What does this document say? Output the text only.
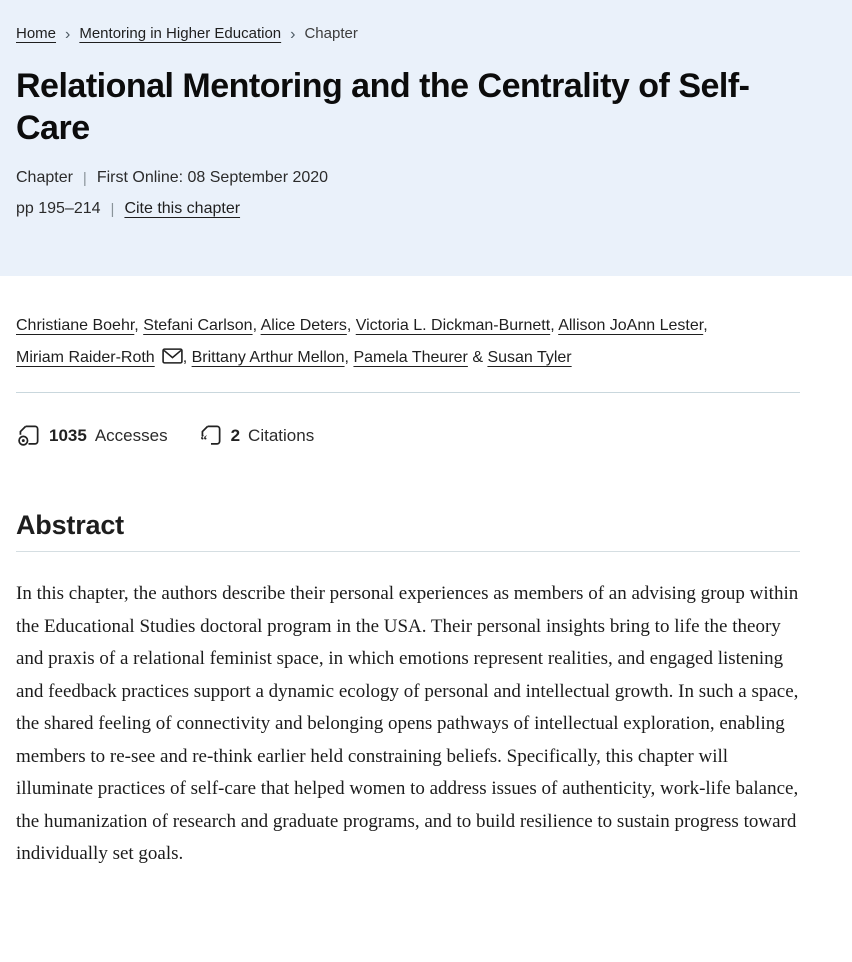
Home › Mentoring in Higher Education › Chapter
Relational Mentoring and the Centrality of Self-Care
Chapter | First Online: 08 September 2020
pp 195–214 | Cite this chapter

Christiane Boehr, Stefani Carlson, Alice Deters, Victoria L. Dickman-Burnett, Allison JoAnn Lester, Miriam Raider-Roth , Brittany Arthur Mellon, Pamela Theurer & Susan Tyler

1035 Accesses “ 2 Citations
Abstract

In this chapter, the authors describe their personal experiences as members of an advising group within the Educational Studies doctoral program in the USA. Their personal insights bring to life the theory and praxis of a relational feminist space, in which emotions represent realities, and engaged listening and feedback practices support a dynamic ecology of personal and intellectual growth. In such a space, the shared feeling of connectivity and belonging opens pathways of intellectual exploration, enabling members to re-see and re-think earlier held constraining beliefs. Specifically, this chapter will illuminate practices of self-care that helped women to address issues of authenticity, work-life balance, the humanization of research and graduate programs, and to build resilience to sustain progress toward individually set goals.
